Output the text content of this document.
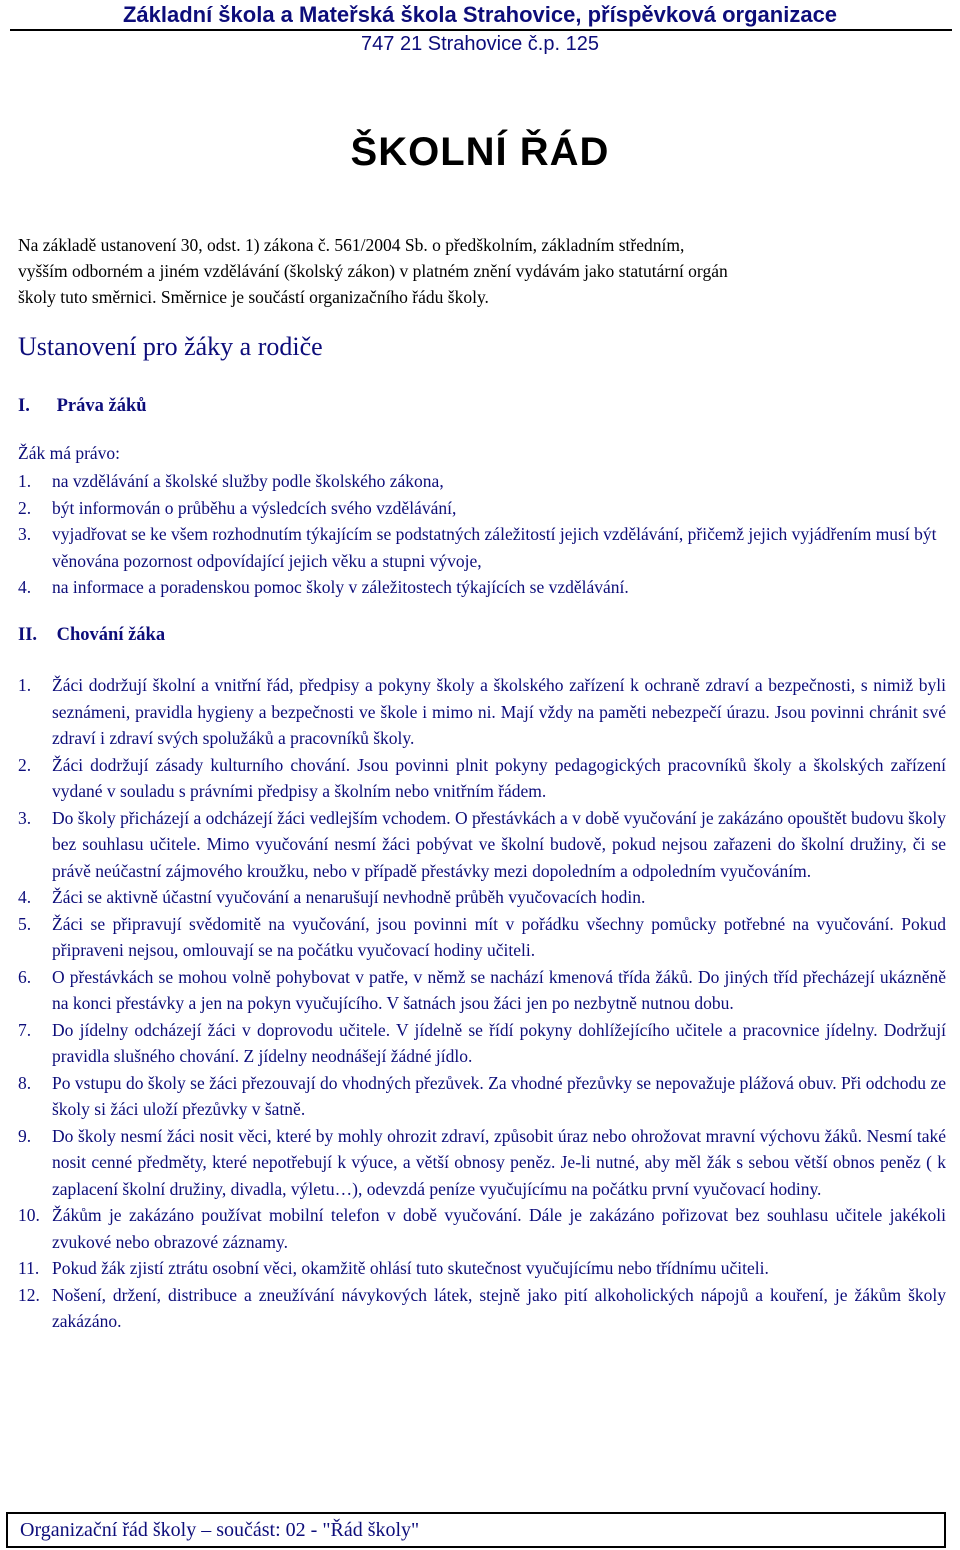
Základní škola a Mateřská škola Strahovice, příspěvková organizace
747 21 Strahovice č.p. 125
ŠKOLNÍ ŘÁD
Na základě ustanovení 30, odst. 1) zákona č. 561/2004 Sb. o předškolním, základním středním,
vyšším odborném a jiném vzdělávání (školský zákon) v platném znění vydávám jako statutární orgán
školy tuto směrnici. Směrnice je součástí organizačního řádu školy.
Ustanovení pro žáky a rodiče
I. Práva žáků
Žák má právo:
1. na vzdělávání a školské služby podle školského zákona,
2. být informován o průběhu a výsledcích svého vzdělávání,
3. vyjadřovat se ke všem rozhodnutím týkajícím se podstatných záležitostí jejich vzdělávání, přičemž jejich vyjádřením musí být věnována pozornost odpovídající jejich věku a stupni vývoje,
4. na informace a poradenskou pomoc školy v záležitostech týkajících se vzdělávání.
II. Chování žáka
1. Žáci dodržují školní a vnitřní řád, předpisy a pokyny školy a školského zařízení k ochraně zdraví a bezpečnosti, s nimiž byli seznámeni, pravidla hygieny a bezpečnosti ve škole i mimo ni. Mají vždy na paměti nebezpečí úrazu. Jsou povinni chránit své zdraví i zdraví svých spolužáků a pracovníků školy.
2. Žáci dodržují zásady kulturního chování. Jsou povinni plnit pokyny pedagogických pracovníků školy a školských zařízení vydané v souladu s právními předpisy a školním nebo vnitřním řádem.
3. Do školy přicházejí a odcházejí žáci vedlejším vchodem. O přestávkách a v době vyučování je zakázáno opouštět budovu školy bez souhlasu učitele. Mimo vyučování nesmí žáci pobývat ve školní budově, pokud nejsou zařazeni do školní družiny, či se právě neúčastní zájmového kroužku, nebo v případě přestávky mezi dopoledním a odpoledním vyučováním.
4. Žáci se aktivně účastní vyučování a nenarušují nevhodně průběh vyučovacích hodin.
5. Žáci se připravují svědomitě na vyučování, jsou povinni mít v pořádku všechny pomůcky potřebné na vyučování. Pokud připraveni nejsou, omlouvají se na počátku vyučovací hodiny učiteli.
6. O přestávkách se mohou volně pohybovat v patře, v němž se nachází kmenová třída žáků. Do jiných tříd přecházejí ukázněně na konci přestávky a jen na pokyn vyučujícího. V šatnách jsou žáci jen po nezbytně nutnou dobu.
7. Do jídelny odcházejí žáci v doprovodu učitele. V jídelně se řídí pokyny dohlížejícího učitele a pracovnice jídelny. Dodržují pravidla slušného chování. Z jídelny neodnášejí žádné jídlo.
8. Po vstupu do školy se žáci přezouvají do vhodných přezůvek. Za vhodné přezůvky se nepovažuje plážová obuv. Při odchodu ze školy si žáci uloží přezůvky v šatně.
9. Do školy nesmí žáci nosit věci, které by mohly ohrozit zdraví, způsobit úraz nebo ohrožovat mravní výchovu žáků. Nesmí také nosit cenné předměty, které nepotřebují k výuce, a větší obnosy peněz. Je-li nutné, aby měl žák s sebou větší obnos peněz ( k zaplacení školní družiny, divadla, výletu…), odevzdá peníze vyučujícímu na počátku první vyučovací hodiny.
10. Žákům je zakázáno používat mobilní telefon v době vyučování. Dále je zakázáno pořizovat bez souhlasu učitele jakékoli zvukové nebo obrazové záznamy.
11. Pokud žák zjistí ztrátu osobní věci, okamžitě ohlásí tuto skutečnost vyučujícímu nebo třídnímu učiteli.
12. Nošení, držení, distribuce a zneužívání návykových látek, stejně jako pití alkoholických nápojů a kouření, je žákům školy zakázáno.
Organizační řád školy – součást: 02 - "Řád školy"
